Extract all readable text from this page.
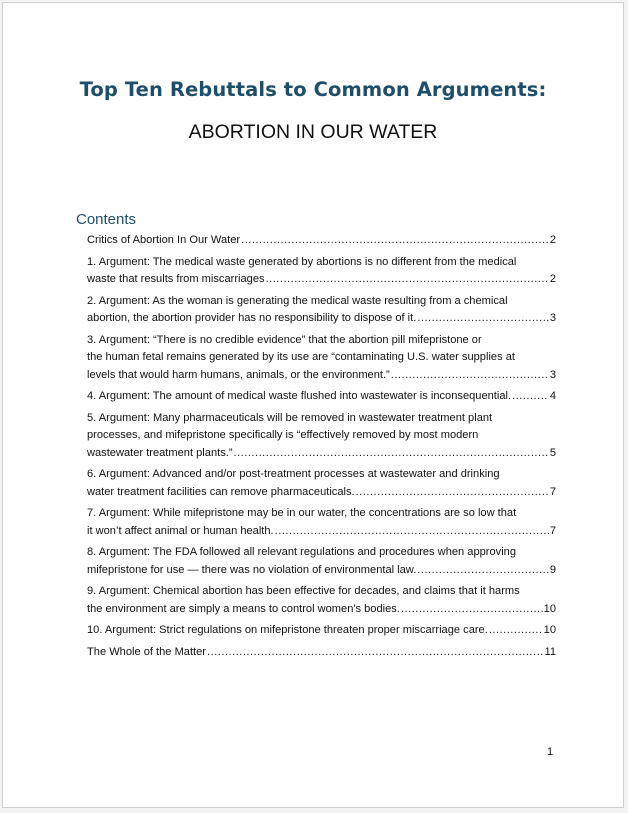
Top Ten Rebuttals to Common Arguments:
ABORTION IN OUR WATER
Contents
Critics of Abortion In Our Water .....	2
1. Argument: The medical waste generated by abortions is no different from the medical
waste that results from miscarriages .....	2
2. Argument: As the woman is generating the medical waste resulting from a chemical
abortion, the abortion provider has no responsibility to dispose of it. .....	3
3. Argument: “There is no credible evidence” that the abortion pill mifepristone or
the human fetal remains generated by its use are “contaminating U.S. water supplies at
levels that would harm humans, animals, or the environment.” .....	3
4. Argument: The amount of medical waste flushed into wastewater is inconsequential. .....	4
5. Argument: Many pharmaceuticals will be removed in wastewater treatment plant
processes, and mifepristone specifically is “effectively removed by most modern
wastewater treatment plants.” .....	5
6. Argument: Advanced and/or post-treatment processes at wastewater and drinking
water treatment facilities can remove pharmaceuticals. .....	7
7. Argument: While mifepristone may be in our water, the concentrations are so low that
it won’t affect animal or human health. .....	7
8. Argument: The FDA followed all relevant regulations and procedures when approving
mifepristone for use — there was no violation of environmental law. .....	9
9. Argument: Chemical abortion has been effective for decades, and claims that it harms
the environment are simply a means to control women's bodies. .....	10
10. Argument: Strict regulations on mifepristone threaten proper miscarriage care. .....	10
The Whole of the Matter .....	11
1
